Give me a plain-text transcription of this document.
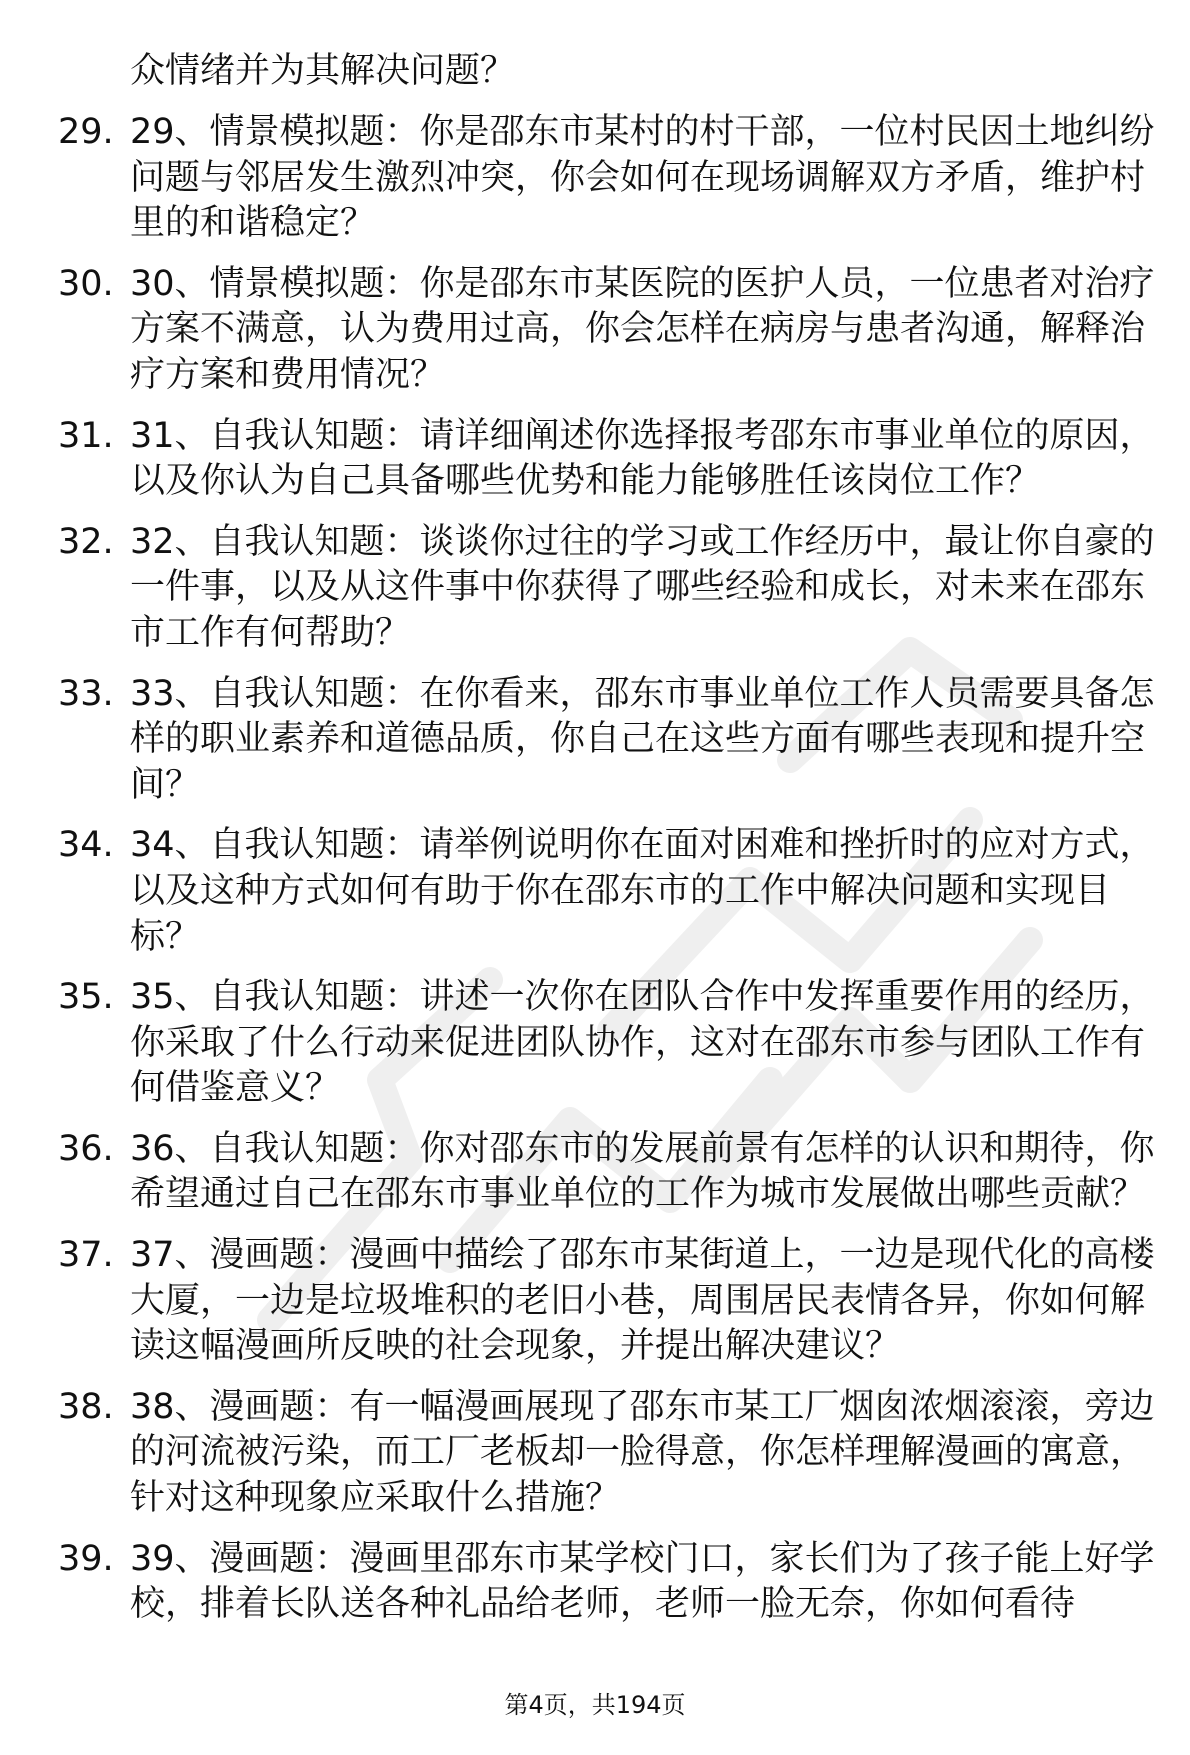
众情绪并为其解决问题？

29. 29、情景模拟题：你是邵东市某村的村干部，一位村民因土地纠纷问题与邻居发生激烈冲突，你会如何在现场调解双方矛盾，维护村里的和谐稳定？
30. 30、情景模拟题：你是邵东市某医院的医护人员，一位患者对治疗方案不满意，认为费用过高，你会怎样在病房与患者沟通，解释治疗方案和费用情况？
31. 31、自我认知题：请详细阐述你选择报考邵东市事业单位的原因，以及你认为自己具备哪些优势和能力能够胜任该岗位工作？
32. 32、自我认知题：谈谈你过往的学习或工作经历中，最让你自豪的一件事，以及从这件事中你获得了哪些经验和成长，对未来在邵东市工作有何帮助？
33. 33、自我认知题：在你看来，邵东市事业单位工作人员需要具备怎样的职业素养和道德品质，你自己在这些方面有哪些表现和提升空间？
34. 34、自我认知题：请举例说明你在面对困难和挫折时的应对方式，以及这种方式如何有助于你在邵东市的工作中解决问题和实现目标？
35. 35、自我认知题：讲述一次你在团队合作中发挥重要作用的经历，你采取了什么行动来促进团队协作，这对在邵东市参与团队工作有何借鉴意义？
36. 36、自我认知题：你对邵东市的发展前景有怎样的认识和期待，你希望通过自己在邵东市事业单位的工作为城市发展做出哪些贡献？
37. 37、漫画题：漫画中描绘了邵东市某街道上，一边是现代化的高楼大厦，一边是垃圾堆积的老旧小巷，周围居民表情各异，你如何解读这幅漫画所反映的社会现象，并提出解决建议？
38. 38、漫画题：有一幅漫画展现了邵东市某工厂烟囱浓烟滚滚，旁边的河流被污染，而工厂老板却一脸得意，你怎样理解漫画的寓意，针对这种现象应采取什么措施？
39. 39、漫画题：漫画里邵东市某学校门口，家长们为了孩子能上好学校，排着长队送各种礼品给老师，老师一脸无奈，你如何看待
第4页，共194页
